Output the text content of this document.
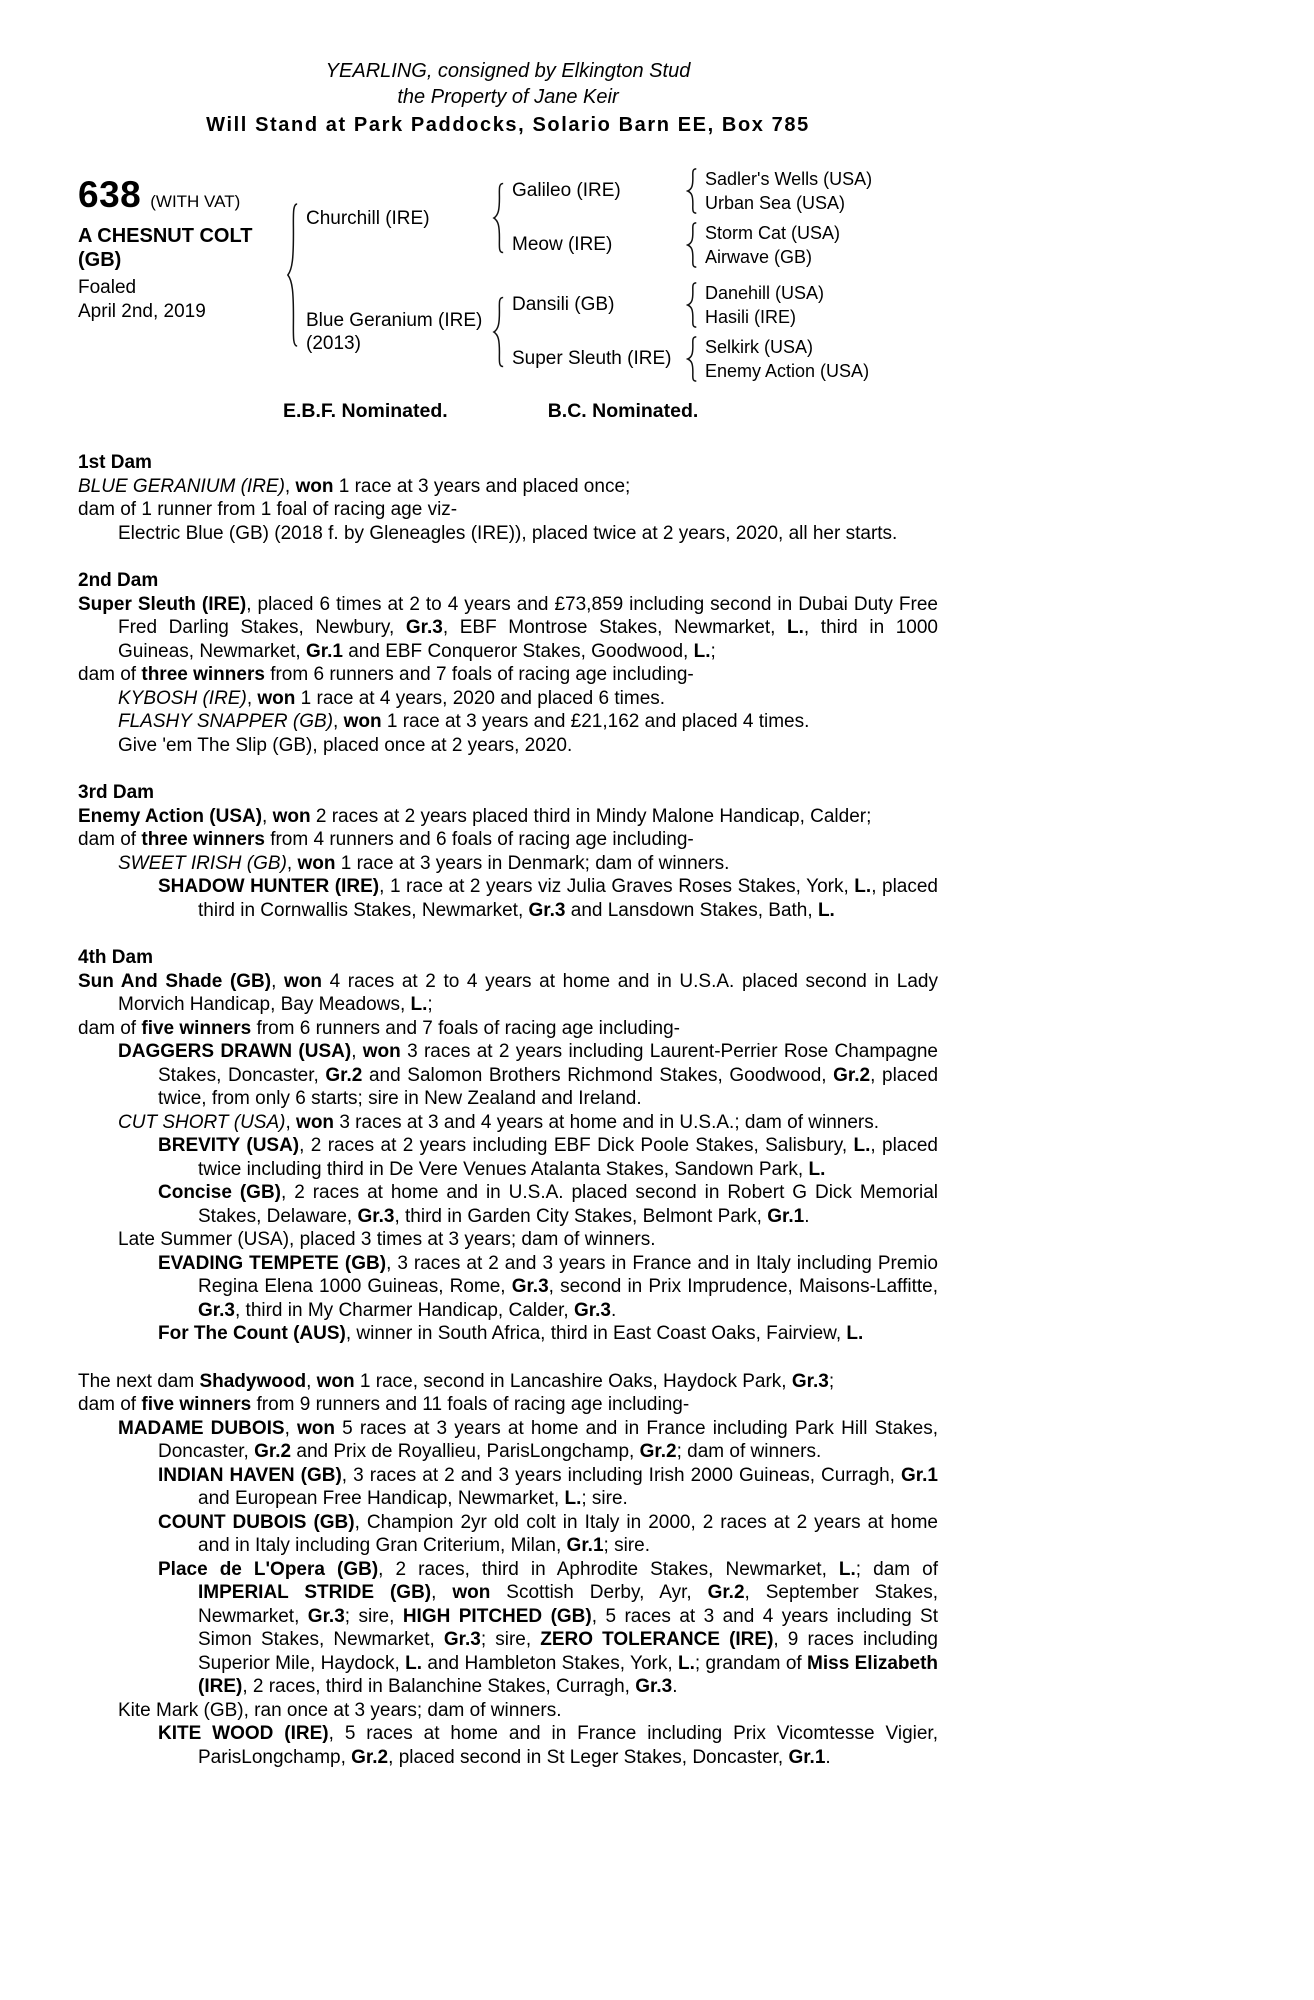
YEARLING, consigned by Elkington Stud
the Property of Jane Keir
Will Stand at Park Paddocks, Solario Barn EE, Box 785
638 (WITH VAT)
A CHESNUT COLT
(GB)
Foaled
April 2nd, 2019
Churchill (IRE)
Galileo (IRE)
Sadler's Wells (USA)
Urban Sea (USA)
Meow (IRE)
Storm Cat (USA)
Airwave (GB)
Blue Geranium (IRE)
(2013)
Dansili (GB)
Danehill (USA)
Hasili (IRE)
Super Sleuth (IRE)
Selkirk (USA)
Enemy Action (USA)
E.B.F. Nominated.	B.C. Nominated.
1st Dam

BLUE GERANIUM (IRE), won 1 race at 3 years and placed once;

dam of 1 runner from 1 foal of racing age viz-

Electric Blue (GB) (2018 f. by Gleneagles (IRE)), placed twice at 2 years, 2020, all her starts.

2nd Dam

Super Sleuth (IRE), placed 6 times at 2 to 4 years and £73,859 including second in Dubai Duty Free Fred Darling Stakes, Newbury, Gr.3, EBF Montrose Stakes, Newmarket, L., third in 1000 Guineas, Newmarket, Gr.1 and EBF Conqueror Stakes, Goodwood, L.;

dam of three winners from 6 runners and 7 foals of racing age including-

KYBOSH (IRE), won 1 race at 4 years, 2020 and placed 6 times.

FLASHY SNAPPER (GB), won 1 race at 3 years and £21,162 and placed 4 times.

Give 'em The Slip (GB), placed once at 2 years, 2020.

3rd Dam

Enemy Action (USA), won 2 races at 2 years placed third in Mindy Malone Handicap, Calder;

dam of three winners from 4 runners and 6 foals of racing age including-

SWEET IRISH (GB), won 1 race at 3 years in Denmark; dam of winners.

SHADOW HUNTER (IRE), 1 race at 2 years viz Julia Graves Roses Stakes, York, L., placed third in Cornwallis Stakes, Newmarket, Gr.3 and Lansdown Stakes, Bath, L.

4th Dam

Sun And Shade (GB), won 4 races at 2 to 4 years at home and in U.S.A. placed second in Lady Morvich Handicap, Bay Meadows, L.;

dam of five winners from 6 runners and 7 foals of racing age including-

DAGGERS DRAWN (USA), won 3 races at 2 years including Laurent-Perrier Rose Champagne Stakes, Doncaster, Gr.2 and Salomon Brothers Richmond Stakes, Goodwood, Gr.2, placed twice, from only 6 starts; sire in New Zealand and Ireland.

CUT SHORT (USA), won 3 races at 3 and 4 years at home and in U.S.A.; dam of winners.

BREVITY (USA), 2 races at 2 years including EBF Dick Poole Stakes, Salisbury, L., placed twice including third in De Vere Venues Atalanta Stakes, Sandown Park, L.

Concise (GB), 2 races at home and in U.S.A. placed second in Robert G Dick Memorial Stakes, Delaware, Gr.3, third in Garden City Stakes, Belmont Park, Gr.1.

Late Summer (USA), placed 3 times at 3 years; dam of winners.

EVADING TEMPETE (GB), 3 races at 2 and 3 years in France and in Italy including Premio Regina Elena 1000 Guineas, Rome, Gr.3, second in Prix Imprudence, Maisons-Laffitte, Gr.3, third in My Charmer Handicap, Calder, Gr.3.

For The Count (AUS), winner in South Africa, third in East Coast Oaks, Fairview, L.

The next dam Shadywood, won 1 race, second in Lancashire Oaks, Haydock Park, Gr.3;

dam of five winners from 9 runners and 11 foals of racing age including-

MADAME DUBOIS, won 5 races at 3 years at home and in France including Park Hill Stakes, Doncaster, Gr.2 and Prix de Royallieu, ParisLongchamp, Gr.2; dam of winners.

INDIAN HAVEN (GB), 3 races at 2 and 3 years including Irish 2000 Guineas, Curragh, Gr.1 and European Free Handicap, Newmarket, L.; sire.

COUNT DUBOIS (GB), Champion 2yr old colt in Italy in 2000, 2 races at 2 years at home and in Italy including Gran Criterium, Milan, Gr.1; sire.

Place de L'Opera (GB), 2 races, third in Aphrodite Stakes, Newmarket, L.; dam of IMPERIAL STRIDE (GB), won Scottish Derby, Ayr, Gr.2, September Stakes, Newmarket, Gr.3; sire, HIGH PITCHED (GB), 5 races at 3 and 4 years including St Simon Stakes, Newmarket, Gr.3; sire, ZERO TOLERANCE (IRE), 9 races including Superior Mile, Haydock, L. and Hambleton Stakes, York, L.; grandam of Miss Elizabeth (IRE), 2 races, third in Balanchine Stakes, Curragh, Gr.3.

Kite Mark (GB), ran once at 3 years; dam of winners.

KITE WOOD (IRE), 5 races at home and in France including Prix Vicomtesse Vigier, ParisLongchamp, Gr.2, placed second in St Leger Stakes, Doncaster, Gr.1.
